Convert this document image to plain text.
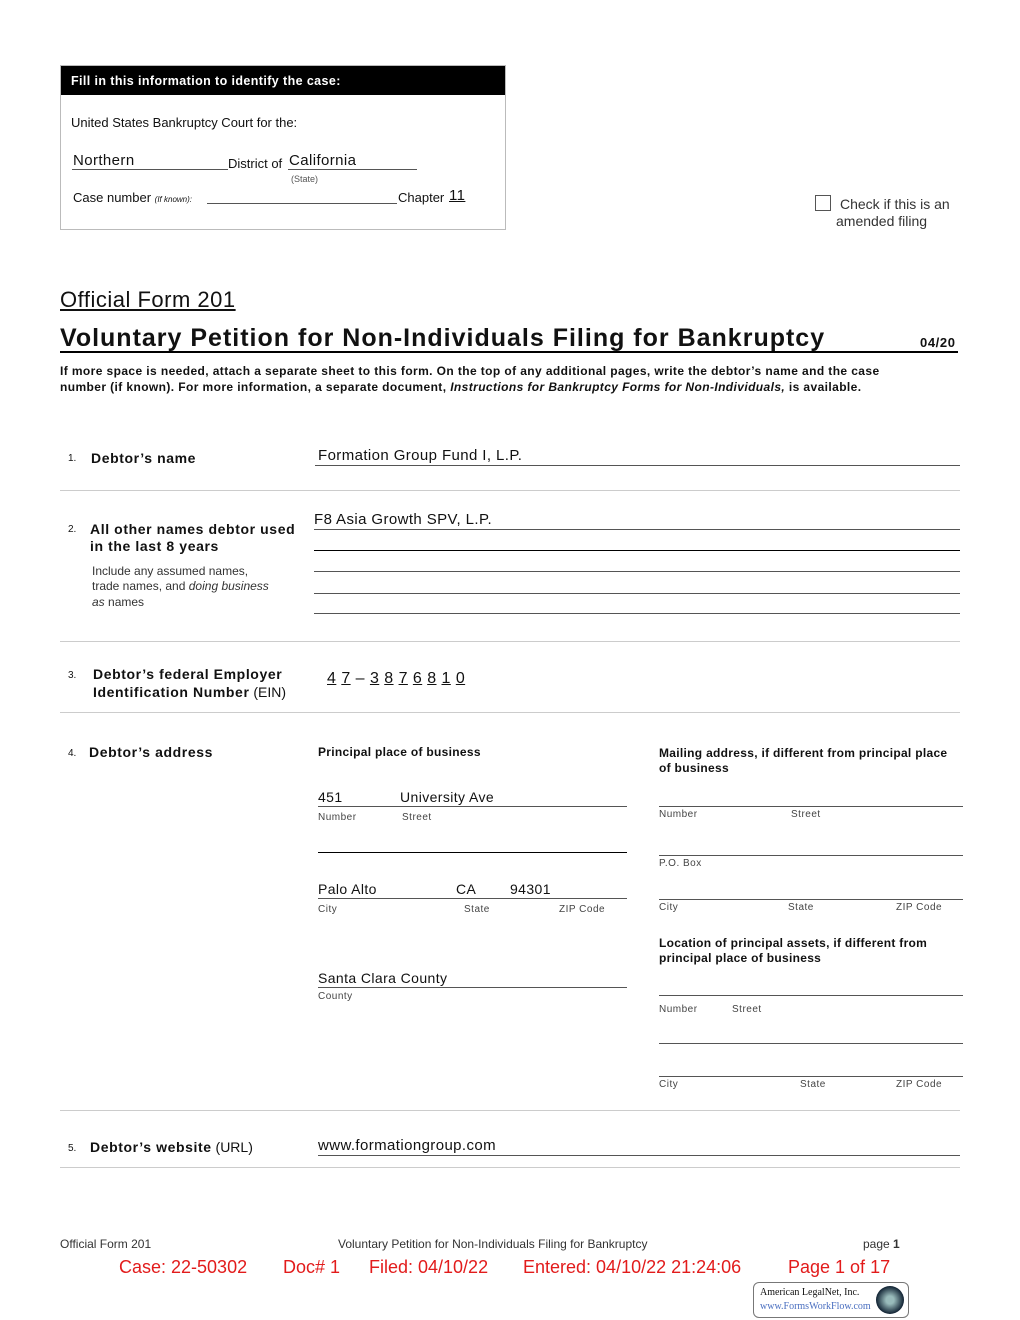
Fill in this information to identify the case:
United States Bankruptcy Court for the:
Northern	District of California
(State)
Case number (If known):	Chapter 11	Check if this is an
amended filing
Official Form 201
Voluntary Petition for Non-Individuals Filing for Bankruptcy	04/20
If more space is needed, attach a separate sheet to this form. On the top of any additional pages, write the debtor’s name and the case
number (if known). For more information, a separate document, Instructions for Bankruptcy Forms for Non-Individuals, is available.
1. Debtor’s name	Formation Group Fund I, L.P.
2. All other names debtor used
in the last 8 years
Include any assumed names,
trade names, and doing business
as names
F8 Asia Growth SPV, L.P.
3. Debtor’s federal Employer
Identification Number (EIN)
4 7 – 3 8 7 6 8 1 0
4. Debtor’s address	Principal place of business
451	University Ave
Number	Street
Palo Alto	CA 94301
City	State	ZIP Code
Santa Clara County
County
Mailing address, if different from principal place
of business
Number	Street
P.O. Box
City	State	ZIP Code
Location of principal assets, if different from
principal place of business
Number	Street
City	State	ZIP Code
5. Debtor’s website (URL)	www.formationgroup.com
Official Form 201	Voluntary Petition for Non-Individuals Filing for Bankruptcy	page 1
Case: 22-50302 Doc# 1 Filed: 04/10/22 Entered: 04/10/22 21:24:06	Page 1 of 17
American LegalNet, Inc.
www.FormsWorkFlow.com
